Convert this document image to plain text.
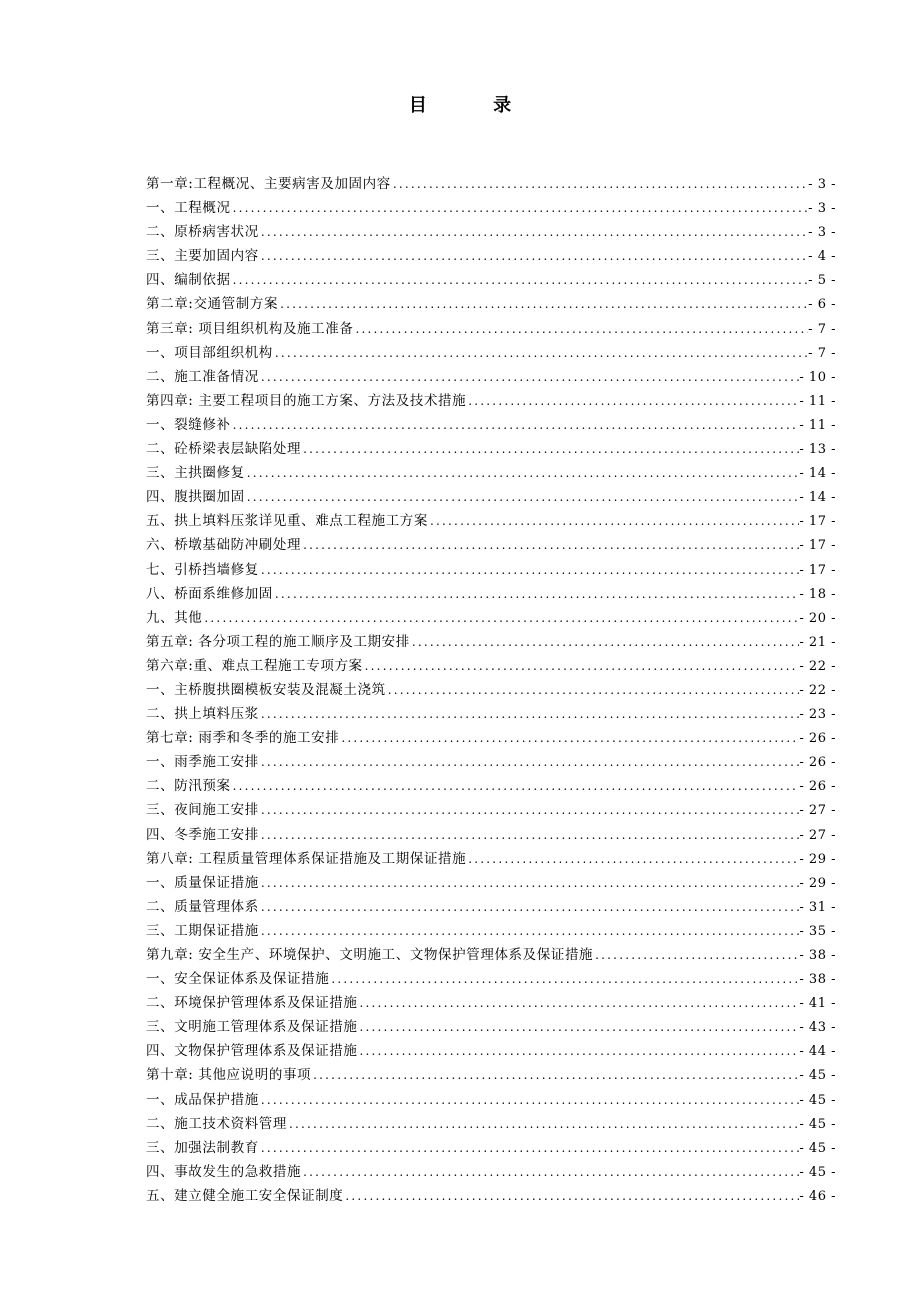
目 录
第一章:工程概况、主要病害及加固内容 .....	- 3 -
一、工程概况 .....	- 3 -
二、原桥病害状况 .....	- 3 -
三、主要加固内容 .....	- 4 -
四、编制依据 .....	- 5 -
第二章:交通管制方案 .....	- 6 -
第三章: 项目组织机构及施工准备 .....	- 7 -
一、项目部组织机构 .....	- 7 -
二、施工准备情况 .....	- 10 -
第四章: 主要工程项目的施工方案、方法及技术措施 .....	- 11 -
一、裂缝修补 .....	- 11 -
二、砼桥梁表层缺陷处理 .....	- 13 -
三、主拱圈修复 .....	- 14 -
四、腹拱圈加固 .....	- 14 -
五、拱上填料压浆详见重、难点工程施工方案 .....	- 17 -
六、桥墩基础防冲刷处理 .....	- 17 -
七、引桥挡墙修复 .....	- 17 -
八、桥面系维修加固 .....	- 18 -
九、其他 .....	- 20 -
第五章: 各分项工程的施工顺序及工期安排 .....	- 21 -
第六章:重、难点工程施工专项方案 .....	- 22 -
一、主桥腹拱圈模板安装及混凝土浇筑 .....	- 22 -
二、拱上填料压浆 .....	- 23 -
第七章: 雨季和冬季的施工安排 .....	- 26 -
一、雨季施工安排 .....	- 26 -
二、防汛预案 .....	- 26 -
三、夜间施工安排 .....	- 27 -
四、冬季施工安排 .....	- 27 -
第八章: 工程质量管理体系保证措施及工期保证措施 .....	- 29 -
一、质量保证措施 .....	- 29 -
二、质量管理体系 .....	- 31 -
三、工期保证措施 .....	- 35 -
第九章: 安全生产、环境保护、文明施工、文物保护管理体系及保证措施 .....	- 38 -
一、安全保证体系及保证措施 .....	- 38 -
二、环境保护管理体系及保证措施 .....	- 41 -
三、文明施工管理体系及保证措施 .....	- 43 -
四、文物保护管理体系及保证措施 .....	- 44 -
第十章: 其他应说明的事项 .....	- 45 -
一、成品保护措施 .....	- 45 -
二、施工技术资料管理 .....	- 45 -
三、加强法制教育 .....	- 45 -
四、事故发生的急救措施 .....	- 45 -
五、建立健全施工安全保证制度 .....	- 46 -
